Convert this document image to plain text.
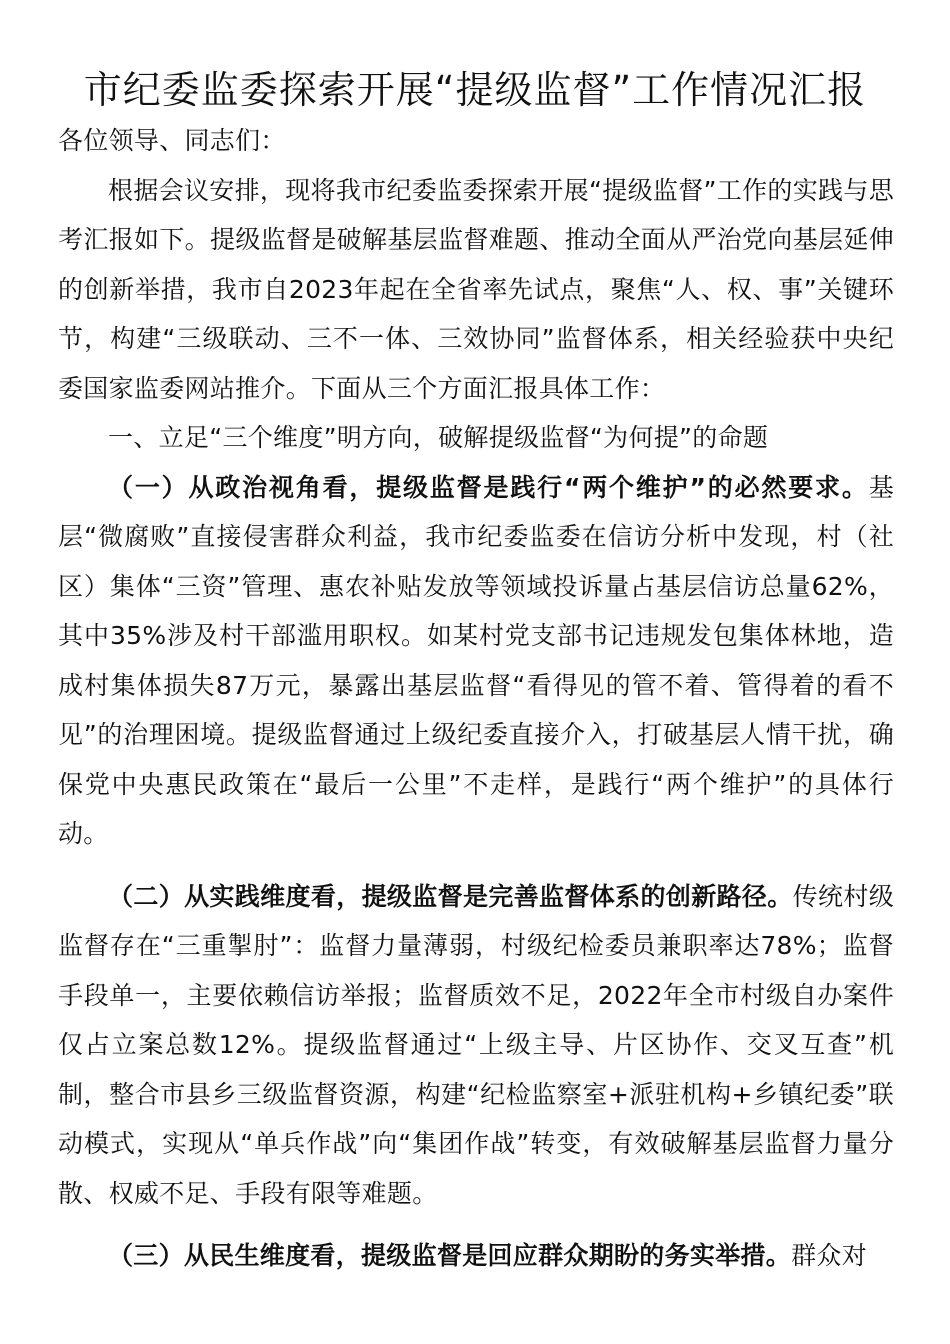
市纪委监委探索开展“提级监督”工作情况汇报

各位领导、同志们：

根据会议安排，现将我市纪委监委探索开展“提级监督”工作的实践与思考汇报如下。提级监督是破解基层监督难题、推动全面从严治党向基层延伸的创新举措，我市自2023年起在全省率先试点，聚焦“人、权、事”关键环节，构建“三级联动、三不一体、三效协同”监督体系，相关经验获中央纪委国家监委网站推介。下面从三个方面汇报具体工作：

一、立足“三个维度”明方向，破解提级监督“为何提”的命题

（一）从政治视角看，提级监督是践行“两个维护”的必然要求。基层“微腐败”直接侵害群众利益，我市纪委监委在信访分析中发现，村（社区）集体“三资”管理、惠农补贴发放等领域投诉量占基层信访总量62%，其中35%涉及村干部滥用职权。如某村党支部书记违规发包集体林地，造成村集体损失87万元，暴露出基层监督“看得见的管不着、管得着的看不见”的治理困境。提级监督通过上级纪委直接介入，打破基层人情干扰，确保党中央惠民政策在“最后一公里”不走样，是践行“两个维护”的具体行动。

（二）从实践维度看，提级监督是完善监督体系的创新路径。传统村级监督存在“三重掣肘”：监督力量薄弱，村级纪检委员兼职率达78%；监督手段单一，主要依赖信访举报；监督质效不足，2022年全市村级自办案件仅占立案总数12%。提级监督通过“上级主导、片区协作、交叉互查”机制，整合市县乡三级监督资源，构建“纪检监察室+派驻机构+乡镇纪委”联动模式，实现从“单兵作战”向“集团作战”转变，有效破解基层监督力量分散、权威不足、手段有限等难题。

（三）从民生维度看，提级监督是回应群众期盼的务实举措。群众对
